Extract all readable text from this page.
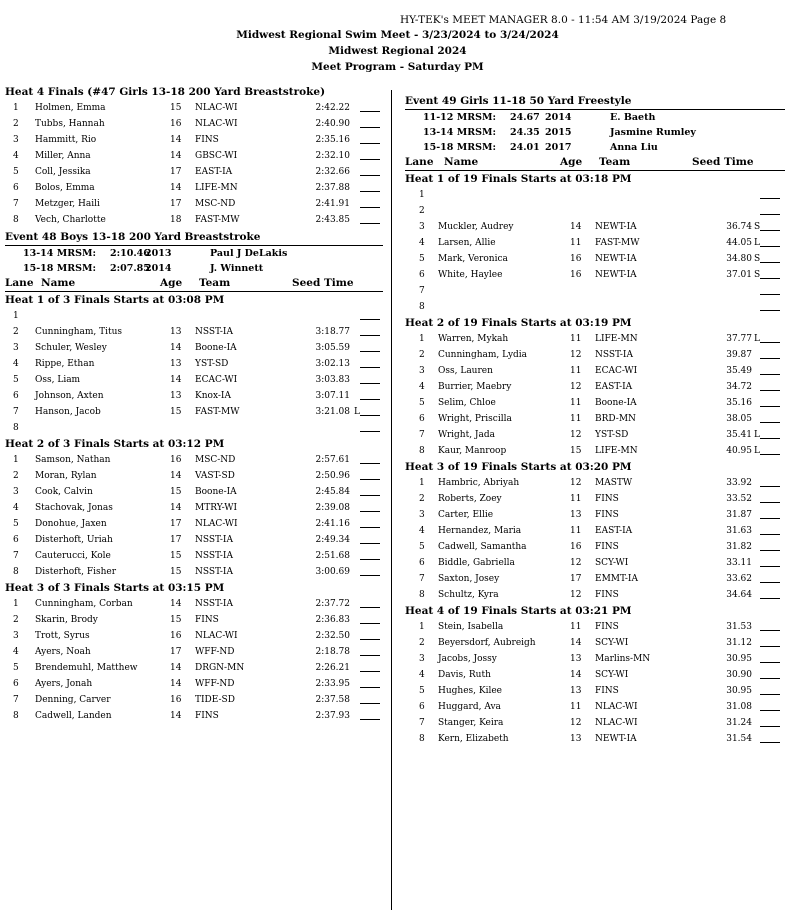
HY-TEK's MEET MANAGER 8.0 - 11:54 AM 3/19/2024 Page 8
Midwest Regional Swim Meet - 3/23/2024 to 3/24/2024
Midwest Regional 2024
Meet Program - Saturday PM
Heat 4 Finals (#47 Girls 13-18 200 Yard Breaststroke)
1 Holmen, Emma	15 NLAC-WI	2:42.22
2 Tubbs, Hannah	16 NLAC-WI	2:40.90
3 Hammitt, Rio	14 FINS	2:35.16
4 Miller, Anna	14 GBSC-WI	2:32.10
5 Coll, Jessika	17 EAST-IA	2:32.66
6 Bolos, Emma	14 LIFE-MN	2:37.88
7 Metzger, Haili	17 MSC-ND	2:41.91
8 Vech, Charlotte	18 FAST-MW	2:43.85
Event 48 Boys 13-18 200 Yard Breaststroke
13-14 MRSM: 2:10.46
2013	Paul J DeLakis
15-18 MRSM: 2:07.85
2014	J. Winnett
Lane Name	Age Team	Seed Time
Heat 1 of 3 Finals Starts at 03:08 PM
1
2 Cunningham, Titus	13 NSST-IA	3:18.77
3 Schuler, Wesley	14 Boone-IA	3:05.59
4 Rippe, Ethan	13 YST-SD	3:02.13
5 Oss, Liam	14 ECAC-WI	3:03.83
6 Johnson, Axten	13 Knox-IA	3:07.11
7 Hanson, Jacob	15 FAST-MW	3:21.08 L
8
Heat 2 of 3 Finals Starts at 03:12 PM
1 Samson, Nathan	16 MSC-ND	2:57.61
2 Moran, Rylan	14 VAST-SD	2:50.96
3 Cook, Calvin	15 Boone-IA	2:45.84
4 Stachovak, Jonas	14 MTRY-WI	2:39.08
5 Donohue, Jaxen	17 NLAC-WI	2:41.16
6 Disterhoft, Uriah	17 NSST-IA	2:49.34
7 Cauterucci, Kole	15 NSST-IA	2:51.68
8 Disterhoft, Fisher	15 NSST-IA	3:00.69
Heat 3 of 3 Finals Starts at 03:15 PM
1 Cunningham, Corban	14 NSST-IA	2:37.72
2 Skarin, Brody	15 FINS	2:36.83
3 Trott, Syrus	16 NLAC-WI	2:32.50
4 Ayers, Noah	17 WFF-ND	2:18.78
5 Brendemuhl, Matthew	14 DRGN-MN	2:26.21
6 Ayers, Jonah	14 WFF-ND	2:33.95
7 Denning, Carver	16 TIDE-SD	2:37.58
8 Cadwell, Landen	14 FINS	2:37.93
Event 49 Girls 11-18 50 Yard Freestyle
11-12 MRSM: 24.67 2014	E. Baeth
13-14 MRSM: 24.35 2015	Jasmine Rumley
15-18 MRSM: 24.01 2017	Anna Liu
Lane Name	Age Team	Seed Time
Heat 1 of 19 Finals Starts at 03:18 PM
1
2
3 Muckler, Audrey	14 NEWT-IA	36.74 S
4 Larsen, Allie	11 FAST-MW	44.05 L
5 Mark, Veronica	16 NEWT-IA	34.80 S
6 White, Haylee	16 NEWT-IA	37.01 S
7
8
Heat 2 of 19 Finals Starts at 03:19 PM
1 Warren, Mykah	11 LIFE-MN	37.77 L
2 Cunningham, Lydia	12 NSST-IA	39.87
3 Oss, Lauren	11 ECAC-WI	35.49
4 Burrier, Maebry	12 EAST-IA	34.72
5 Selim, Chloe	11 Boone-IA	35.16
6 Wright, Priscilla	11 BRD-MN	38.05
7 Wright, Jada	12 YST-SD	35.41 L
8 Kaur, Manroop	15 LIFE-MN	40.95 L
Heat 3 of 19 Finals Starts at 03:20 PM
1 Hambric, Abriyah	12 MASTW	33.92
2 Roberts, Zoey	11 FINS	33.52
3 Carter, Ellie	13 FINS	31.87
4 Hernandez, Maria	11 EAST-IA	31.63
5 Cadwell, Samantha	16 FINS	31.82
6 Biddle, Gabriella	12 SCY-WI	33.11
7 Saxton, Josey	17 EMMT-IA	33.62
8 Schultz, Kyra	12 FINS	34.64
Heat 4 of 19 Finals Starts at 03:21 PM
1 Stein, Isabella	11 FINS	31.53
2 Beyersdorf, Aubreigh	14 SCY-WI	31.12
3 Jacobs, Jossy	13 Marlins-MN	30.95
4 Davis, Ruth	14 SCY-WI	30.90
5 Hughes, Kilee	13 FINS	30.95
6 Huggard, Ava	11 NLAC-WI	31.08
7 Stanger, Keira	12 NLAC-WI	31.24
8 Kern, Elizabeth	13 NEWT-IA	31.54
